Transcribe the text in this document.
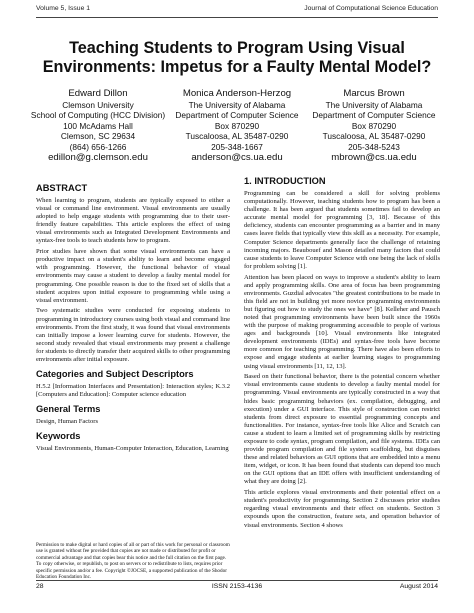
Volume 5, Issue 1	Journal of Computational Science Education
Teaching Students to Program Using Visual
Environments: Impetus for a Faulty Mental Model?
Edward Dillon
Clemson University
School of Computing (HCC Division)
100 McAdams Hall
Clemson, SC 29634
(864) 656-1266
edillon@g.clemson.edu
Monica Anderson-Herzog
The University of Alabama
Department of Computer Science
Box 870290
Tuscaloosa, AL 35487-0290
205-348-1667
anderson@cs.ua.edu
Marcus Brown
The University of Alabama
Department of Computer Science
Box 870290
Tuscaloosa, AL 35487-0290
205-348-5243
mbrown@cs.ua.edu
ABSTRACT

When learning to program, students are typically exposed to either a visual or command line environment. Visual environments are usually adopted to help engage students with programming due to their user-friendly feature capabilities. This article explores the effect of using visual environments such as Integrated Development Environments and syntax-free tools to teach students how to program.

Prior studies have shown that some visual environments can have a productive impact on a student's ability to learn and become engaged with programming. However, the functional behavior of visual environments may cause a student to develop a faulty mental model for programming. One possible reason is due to the fixed set of skills that a student acquires upon initial exposure to programming while using a visual environment.

Two systematic studies were conducted for exposing students to programming in introductory courses using both visual and command line environments. From the first study, it was found that visual environments can initially impose a lower learning curve for students. However, the second study revealed that visual environments may present a challenge for students to directly transfer their acquired skills to other programming environments after initial exposure.

Categories and Subject Descriptors

H.5.2 [Information Interfaces and Presentation]: Interaction styles; K.3.2 [Computers and Education]: Computer science education

General Terms

Design, Human Factors

Keywords

Visual Environments, Human-Computer Interaction, Education, Learning

Permission to make digital or hard copies of all or part of this work for personal or classroom use is granted without fee provided that copies are not made or distributed for profit or commercial advantage and that copies bear this notice and the full citation on the first page. To copy otherwise, or republish, to post on servers or to redistribute to lists, requires prior specific permission and/or a fee. Copyright ©JOCSE, a supported publication of the Shodor Education Foundation Inc.
1. INTRODUCTION

Programming can be considered a skill for solving problems computationally. However, teaching students how to program has been a challenge. It has been argued that students sometimes fail to develop an accurate mental model for programming [3, 18]. Because of this deficiency, students can encounter programming as a barrier and in many cases leave fields that typically view this skill as a necessity. For example, Computer Science departments generally face the challenge of retaining incoming majors. Beaubouef and Mason detailed many factors that could cause students to leave Computer Science with one being the lack of skills for problem solving [1].

Attention has been placed on ways to improve a student's ability to learn and apply programming skills. One area of focus has been programming environments. Guzdial advocates "the greatest contributions to be made in this field are not in building yet more novice programming environments but figuring out how to study the ones we have" [8]. Kelleher and Pausch noted that programming environments have been built since the 1960s with the purpose of making programming accessible to people of various ages and backgrounds [10]. Visual environments like integrated development environments (IDEs) and syntax-free tools have become more common for teaching programming. There have also been efforts to expose and engage students at earlier learning stages to programming using visual environments [11, 12, 13].

Based on their functional behavior, there is the potential concern whether visual environments cause students to develop a faulty mental model for programming. Visual environments are typically constructed in a way that hides basic programming behaviors (ex. compilation, debugging, and execution) under a GUI interface. This style of construction can restrict students from direct exposure to essential programming concepts and functionalities. For instance, syntax-free tools like Alice and Scratch can cause a student to learn a limited set of programming skills by restricting exposure to code syntax, program compilation, and file systems. IDEs can provide program compilation and file system scaffolding, but disguises these and related behaviors as GUI options that are embedded into a menu item, widget, or icon. It has been found that students can depend too much on the GUI options that an IDE offers with insufficient understanding of what they are doing [2].

This article explores visual environments and their potential effect on a student's productivity for programming. Section 2 discusses prior studies regarding visual environments and their effect on students. Section 3 expounds upon the construction, feature sets, and operation behavior of visual environments. Section 4 shows

28	ISSN 2153-4136	August 2014
